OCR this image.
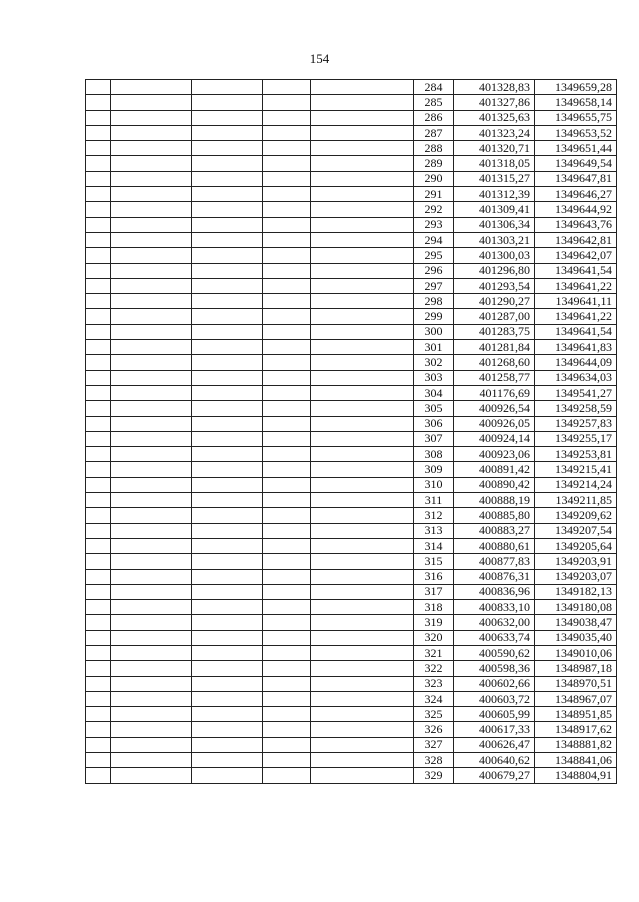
154
					284	401328,83	1349659,28
					285	401327,86	1349658,14
					286	401325,63	1349655,75
					287	401323,24	1349653,52
					288	401320,71	1349651,44
					289	401318,05	1349649,54
					290	401315,27	1349647,81
					291	401312,39	1349646,27
					292	401309,41	1349644,92
					293	401306,34	1349643,76
					294	401303,21	1349642,81
					295	401300,03	1349642,07
					296	401296,80	1349641,54
					297	401293,54	1349641,22
					298	401290,27	1349641,11
					299	401287,00	1349641,22
					300	401283,75	1349641,54
					301	401281,84	1349641,83
					302	401268,60	1349644,09
					303	401258,77	1349634,03
					304	401176,69	1349541,27
					305	400926,54	1349258,59
					306	400926,05	1349257,83
					307	400924,14	1349255,17
					308	400923,06	1349253,81
					309	400891,42	1349215,41
					310	400890,42	1349214,24
					311	400888,19	1349211,85
					312	400885,80	1349209,62
					313	400883,27	1349207,54
					314	400880,61	1349205,64
					315	400877,83	1349203,91
					316	400876,31	1349203,07
					317	400836,96	1349182,13
					318	400833,10	1349180,08
					319	400632,00	1349038,47
					320	400633,74	1349035,40
					321	400590,62	1349010,06
					322	400598,36	1348987,18
					323	400602,66	1348970,51
					324	400603,72	1348967,07
					325	400605,99	1348951,85
					326	400617,33	1348917,62
					327	400626,47	1348881,82
					328	400640,62	1348841,06
					329	400679,27	1348804,91
